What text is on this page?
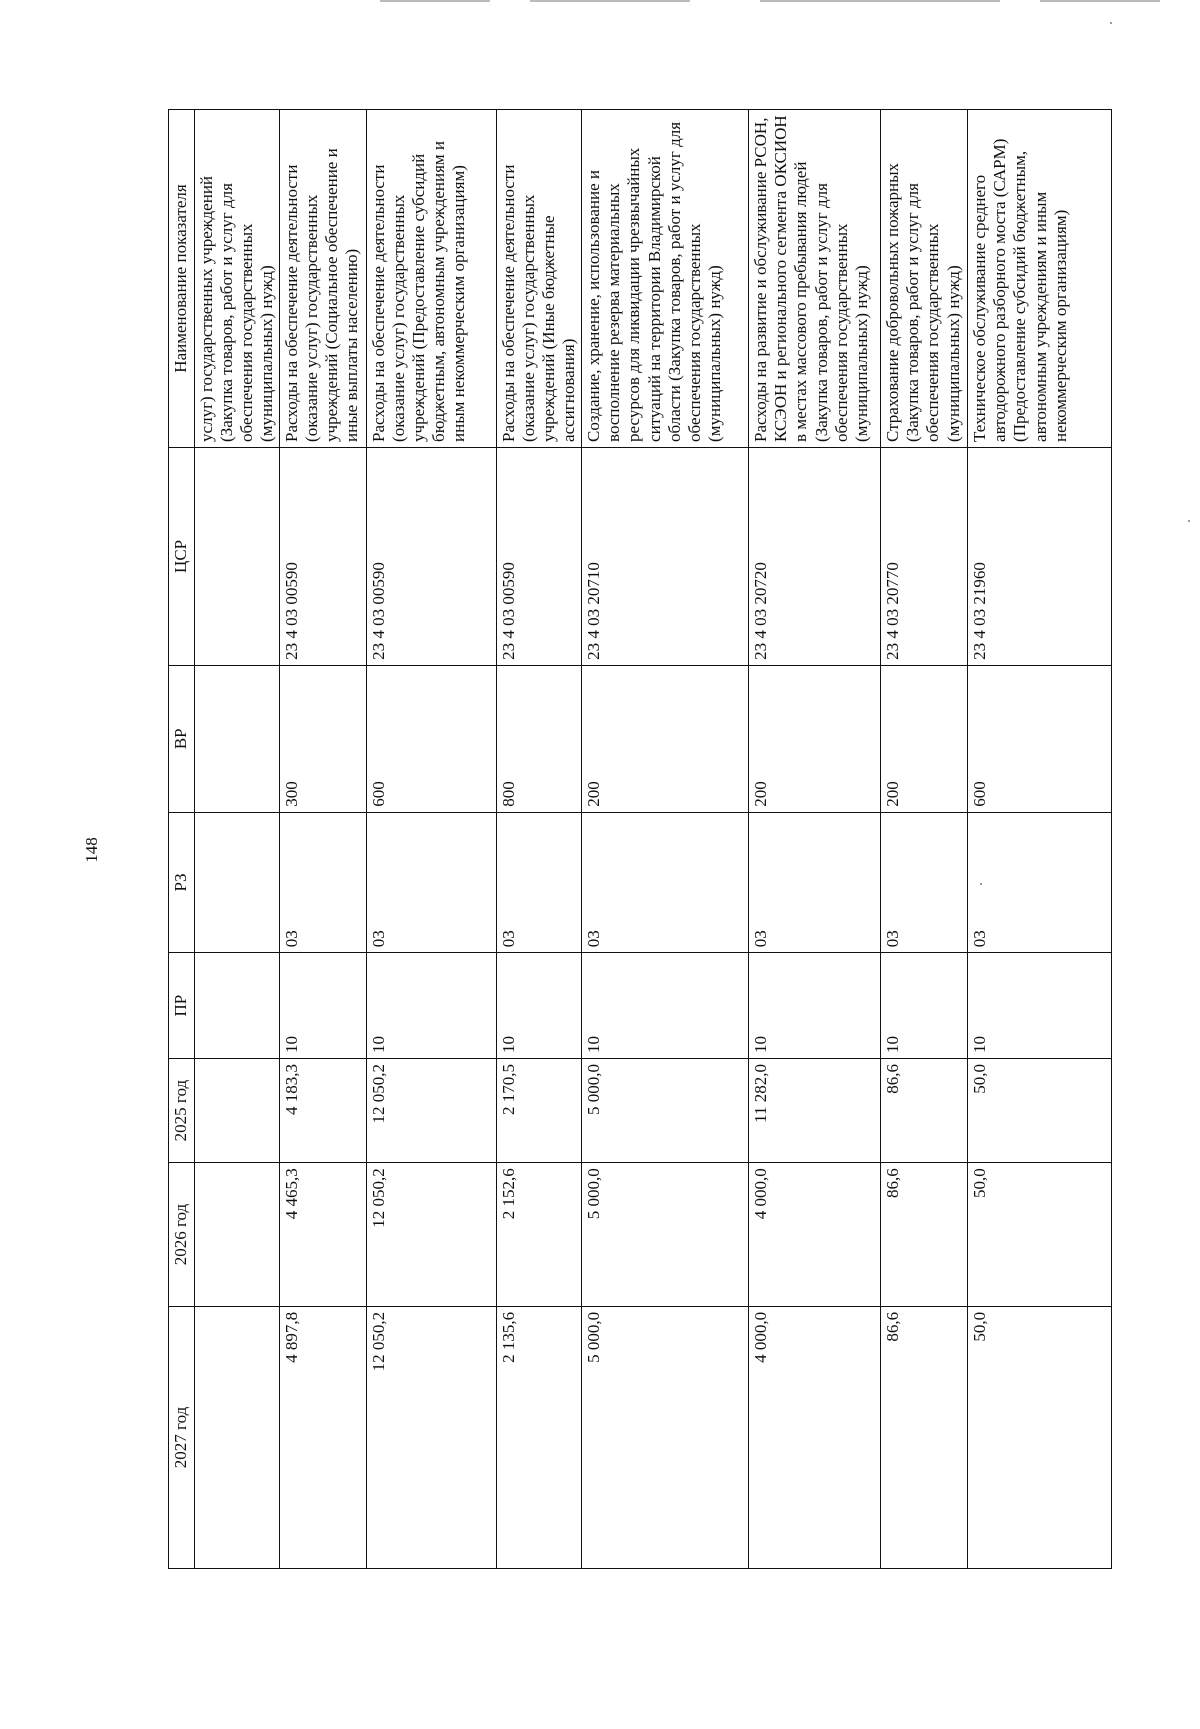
148
2027 год	2026 год	2025 год	ПР	РЗ	ВР	ЦСР	Наименование показателя
							услуг) государственных учреждений (Закупка товаров, работ и услуг для обеспечения государственных (муниципальных) нужд)
4 897,8	4 465,3	4 183,3	10	03	300	23 4 03 00590	Расходы на обеспечение деятельности (оказание услуг) государственных учреждений (Социальное обеспечение и иные выплаты населению)
12 050,2	12 050,2	12 050,2	10	03	600	23 4 03 00590	Расходы на обеспечение деятельности (оказание услуг) государственных учреждений (Предоставление субсидий бюджетным, автономным учреждениям и иным некоммерческим организациям)
2 135,6	2 152,6	2 170,5	10	03	800	23 4 03 00590	Расходы на обеспечение деятельности (оказание услуг) государственных учреждений (Иные бюджетные ассигнования)
5 000,0	5 000,0	5 000,0	10	03	200	23 4 03 20710	Создание, хранение, использование и восполнение резерва материальных ресурсов для ликвидации чрезвычайных ситуаций на территории Владимирской области (Закупка товаров, работ и услуг для обеспечения государственных (муниципальных) нужд)
4 000,0	4 000,0	11 282,0	10	03	200	23 4 03 20720	Расходы на развитие и обслуживание РСОН, КСЭОН и регионального сегмента ОКСИОН в местах массового пребывания людей (Закупка товаров, работ и услуг для обеспечения государственных (муниципальных) нужд)
86,6	86,6	86,6	10	03	200	23 4 03 20770	Страхование добровольных пожарных (Закупка товаров, работ и услуг для обеспечения государственных (муниципальных) нужд)
50,0	50,0	50,0	10	03	600	23 4 03 21960	Техническое обслуживание среднего автодорожного разборного моста (САРМ) (Предоставление субсидий бюджетным, автономным учреждениям и иным некоммерческим организациям)
